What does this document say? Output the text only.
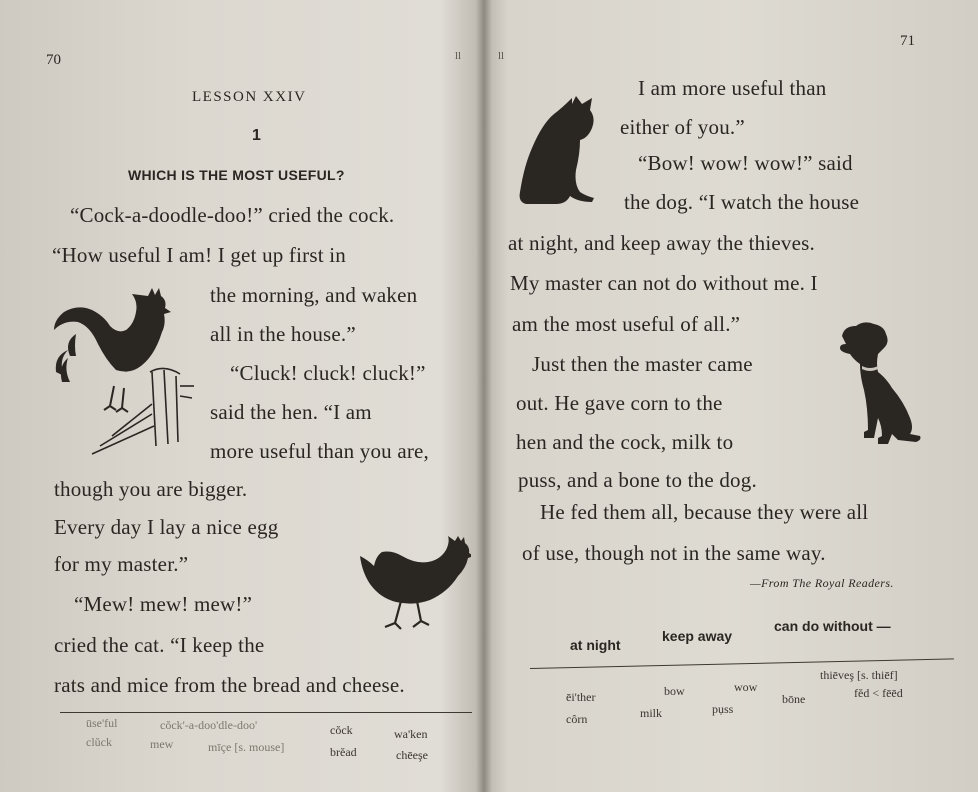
70	ll
LESSON XXIV
1
WHICH IS THE MOST USEFUL?
“Cock-a-doodle-doo!” cried the cock.
“How useful I am! I get up first in
the morning, and waken
all in the house.”
“Cluck! cluck! cluck!”
said the hen. “I am
more useful than you are,
though you are bigger.
Every day I lay a nice egg
for my master.”
“Mew! mew! mew!”
cried the cat. “I keep the
rats and mice from the bread and cheese.
ūse'ful	cŏck'-a-doo'dle-doo'	cŏck	wa'ken
clŭck	mew	mīçe [s. mouse]	brĕad	chēeşe
71
ll
I am more useful than
either of you.”
“Bow! wow! wow!” said
the dog. “I watch the house
at night, and keep away the thieves.
My master can not do without me. I
am the most useful of all.”
Just then the master came
out. He gave corn to the
hen and the cock, milk to
puss, and a bone to the dog.
He fed them all, because they were all
of use, though not in the same way.
—From The Royal Readers.
at night
keep away
can do without —
ēi'ther	bow	wow
thiēveş [s. thiēf]
bōne	fĕd < fēēd
côrn	milk	pụss
